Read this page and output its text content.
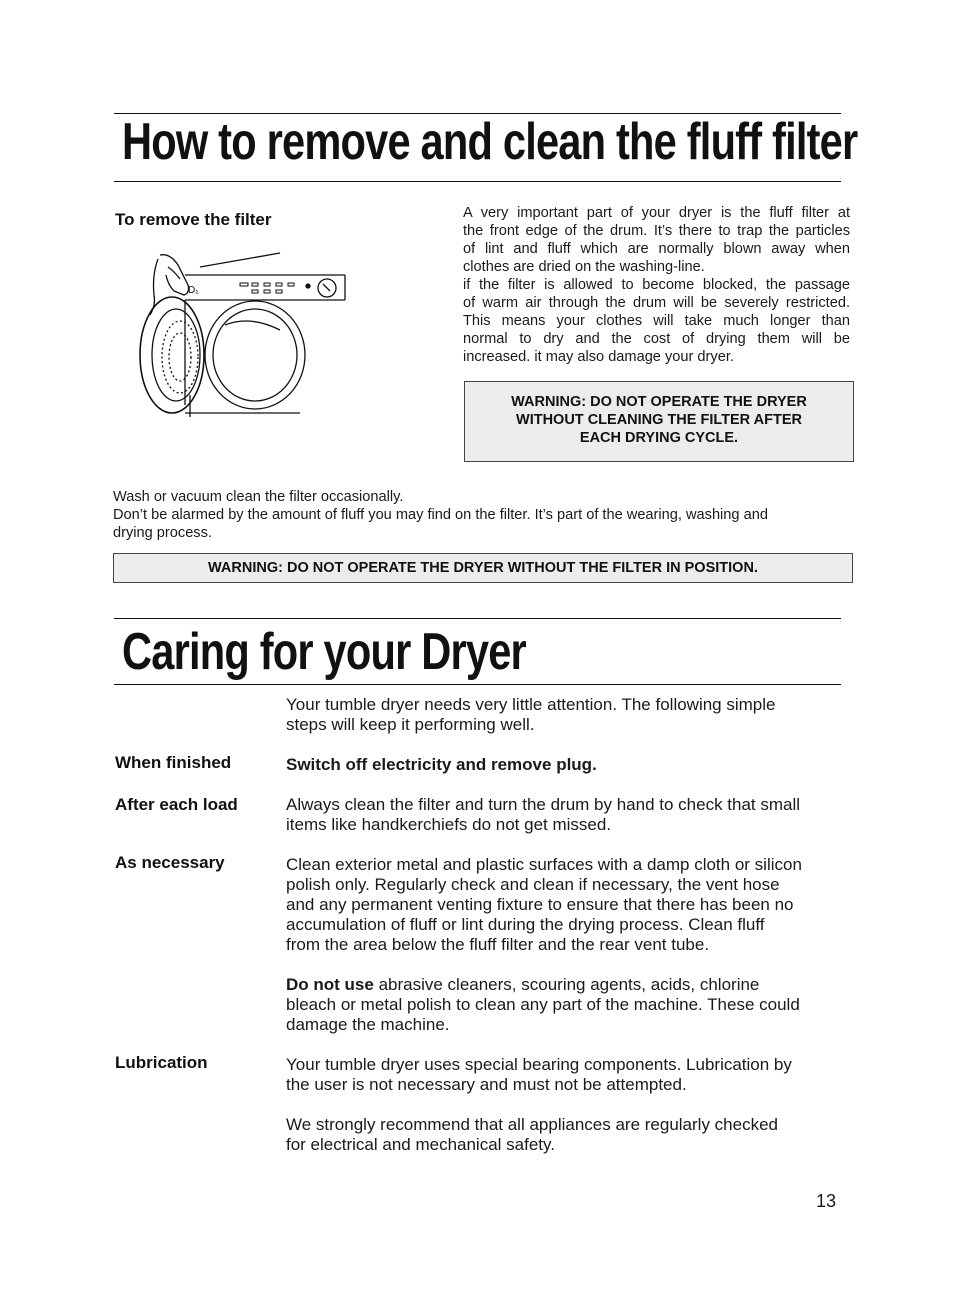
How to remove and clean the fluff filter
To remove the filter
D₁
A very important part of your dryer is the fluff filter at
the front edge of the drum. It’s there to trap the particles
of lint and fluff which are normally blown away when
clothes are dried on the washing-line.
if the filter is allowed to become blocked, the passage
of warm air through the drum will be severely restricted.
This means your clothes will take much longer than
normal to dry and the cost of drying them will be
increased. it may also damage your dryer.
WARNING: DO NOT OPERATE THE DRYER
WITHOUT CLEANING THE FILTER AFTER
EACH DRYING CYCLE.
Wash or vacuum clean the filter occasionally.
Don’t be alarmed by the amount of fluff you may find on the filter. It’s part of the wearing, washing and
drying process.
WARNING: DO NOT OPERATE THE DRYER WITHOUT THE FILTER IN POSITION.
Caring for your Dryer
Your tumble dryer needs very little attention. The following simple
steps will keep it performing well.
When finished	Switch off electricity and remove plug.
After each load	Always clean the filter and turn the drum by hand to check that small
items like handkerchiefs do not get missed.
As necessary	Clean exterior metal and plastic surfaces with a damp cloth or silicon
polish only. Regularly check and clean if necessary, the vent hose
and any permanent venting fixture to ensure that there has been no
accumulation of fluff or lint during the drying process. Clean fluff
from the area below the fluff filter and the rear vent tube.
Do not use abrasive cleaners, scouring agents, acids, chlorine
bleach or metal polish to clean any part of the machine. These could
damage the machine.
Lubrication	Your tumble dryer uses special bearing components. Lubrication by
the user is not necessary and must not be attempted.
We strongly recommend that all appliances are regularly checked
for electrical and mechanical safety.
13
